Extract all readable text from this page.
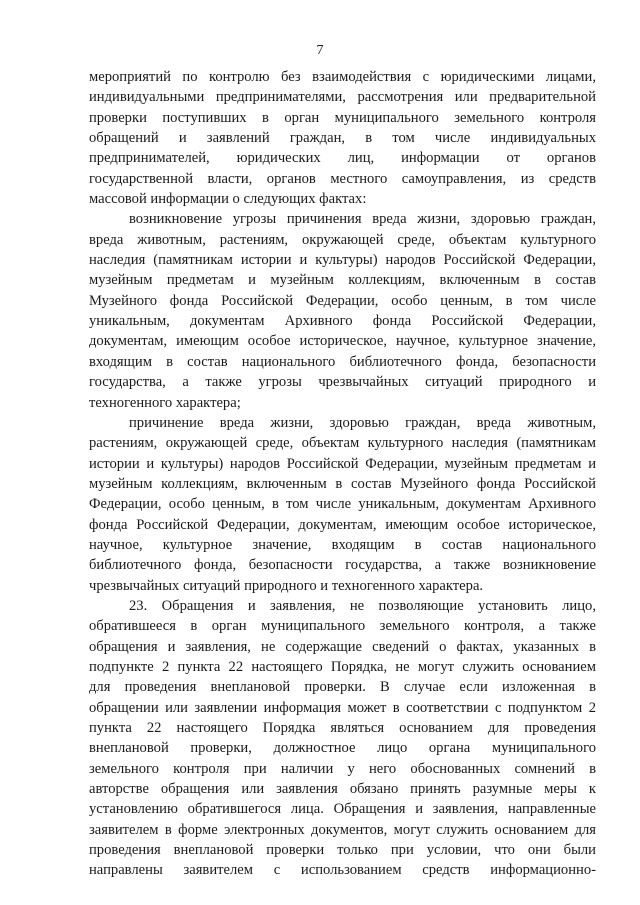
7
мероприятий по контролю без взаимодействия с юридическими лицами,
индивидуальными предпринимателями, рассмотрения или предварительной
проверки поступивших в орган муниципального земельного контроля
обращений и заявлений граждан, в том числе индивидуальных
предпринимателей, юридических лиц, информации от органов
государственной власти, органов местного самоуправления, из средств
массовой информации о следующих фактах:
возникновение угрозы причинения вреда жизни, здоровью граждан,
вреда животным, растениям, окружающей среде, объектам культурного
наследия (памятникам истории и культуры) народов Российской Федерации,
музейным предметам и музейным коллекциям, включенным в состав
Музейного фонда Российской Федерации, особо ценным, в том числе
уникальным, документам Архивного фонда Российской Федерации,
документам, имеющим особое историческое, научное, культурное значение,
входящим в состав национального библиотечного фонда, безопасности
государства, а также угрозы чрезвычайных ситуаций природного и
техногенного характера;
причинение вреда жизни, здоровью граждан, вреда животным,
растениям, окружающей среде, объектам культурного наследия (памятникам
истории и культуры) народов Российской Федерации, музейным предметам и
музейным коллекциям, включенным в состав Музейного фонда Российской
Федерации, особо ценным, в том числе уникальным, документам Архивного
фонда Российской Федерации, документам, имеющим особое историческое,
научное, культурное значение, входящим в состав национального
библиотечного фонда, безопасности государства, а также возникновение
чрезвычайных ситуаций природного и техногенного характера.
23. Обращения и заявления, не позволяющие установить лицо,
обратившееся в орган муниципального земельного контроля, а также
обращения и заявления, не содержащие сведений о фактах, указанных в
подпункте 2 пункта 22 настоящего Порядка, не могут служить основанием
для проведения внеплановой проверки. В случае если изложенная в
обращении или заявлении информация может в соответствии с подпунктом 2
пункта 22 настоящего Порядка являться основанием для проведения
внеплановой проверки, должностное лицо органа муниципального
земельного контроля при наличии у него обоснованных сомнений в
авторстве обращения или заявления обязано принять разумные меры к
установлению обратившегося лица. Обращения и заявления, направленные
заявителем в форме электронных документов, могут служить основанием для
проведения внеплановой проверки только при условии, что они были
направлены заявителем с использованием средств информационно-
